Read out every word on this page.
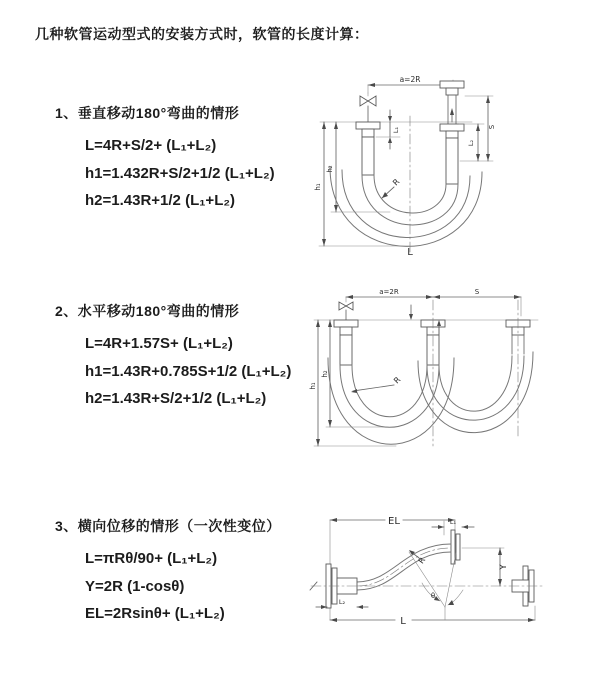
几种软管运动型式的安装方式时，软管的长度计算：
1、垂直移动180°弯曲的情形
L=4R+S/2+ (L₁+L₂)
h1=1.432R+S/2+1/2 (L₁+L₂)
h2=1.43R+1/2 (L₁+L₂)
2、水平移动180°弯曲的情形
L=4R+1.57S+ (L₁+L₂)
h1=1.43R+0.785S+1/2 (L₁+L₂)
h2=1.43R+S/2+1/2 (L₁+L₂)
3、横向位移的情形（一次性变位）
L=πRθ/90+ (L₁+L₂)
Y=2R (1-cosθ)
EL=2Rsinθ+ (L₁+L₂)
a=2R
h₁
h₂
L₁	S
L₂
R
L
a=2R	S
h₁
h₂
R
EL	L₁
Y
L
L₂
R
θ
